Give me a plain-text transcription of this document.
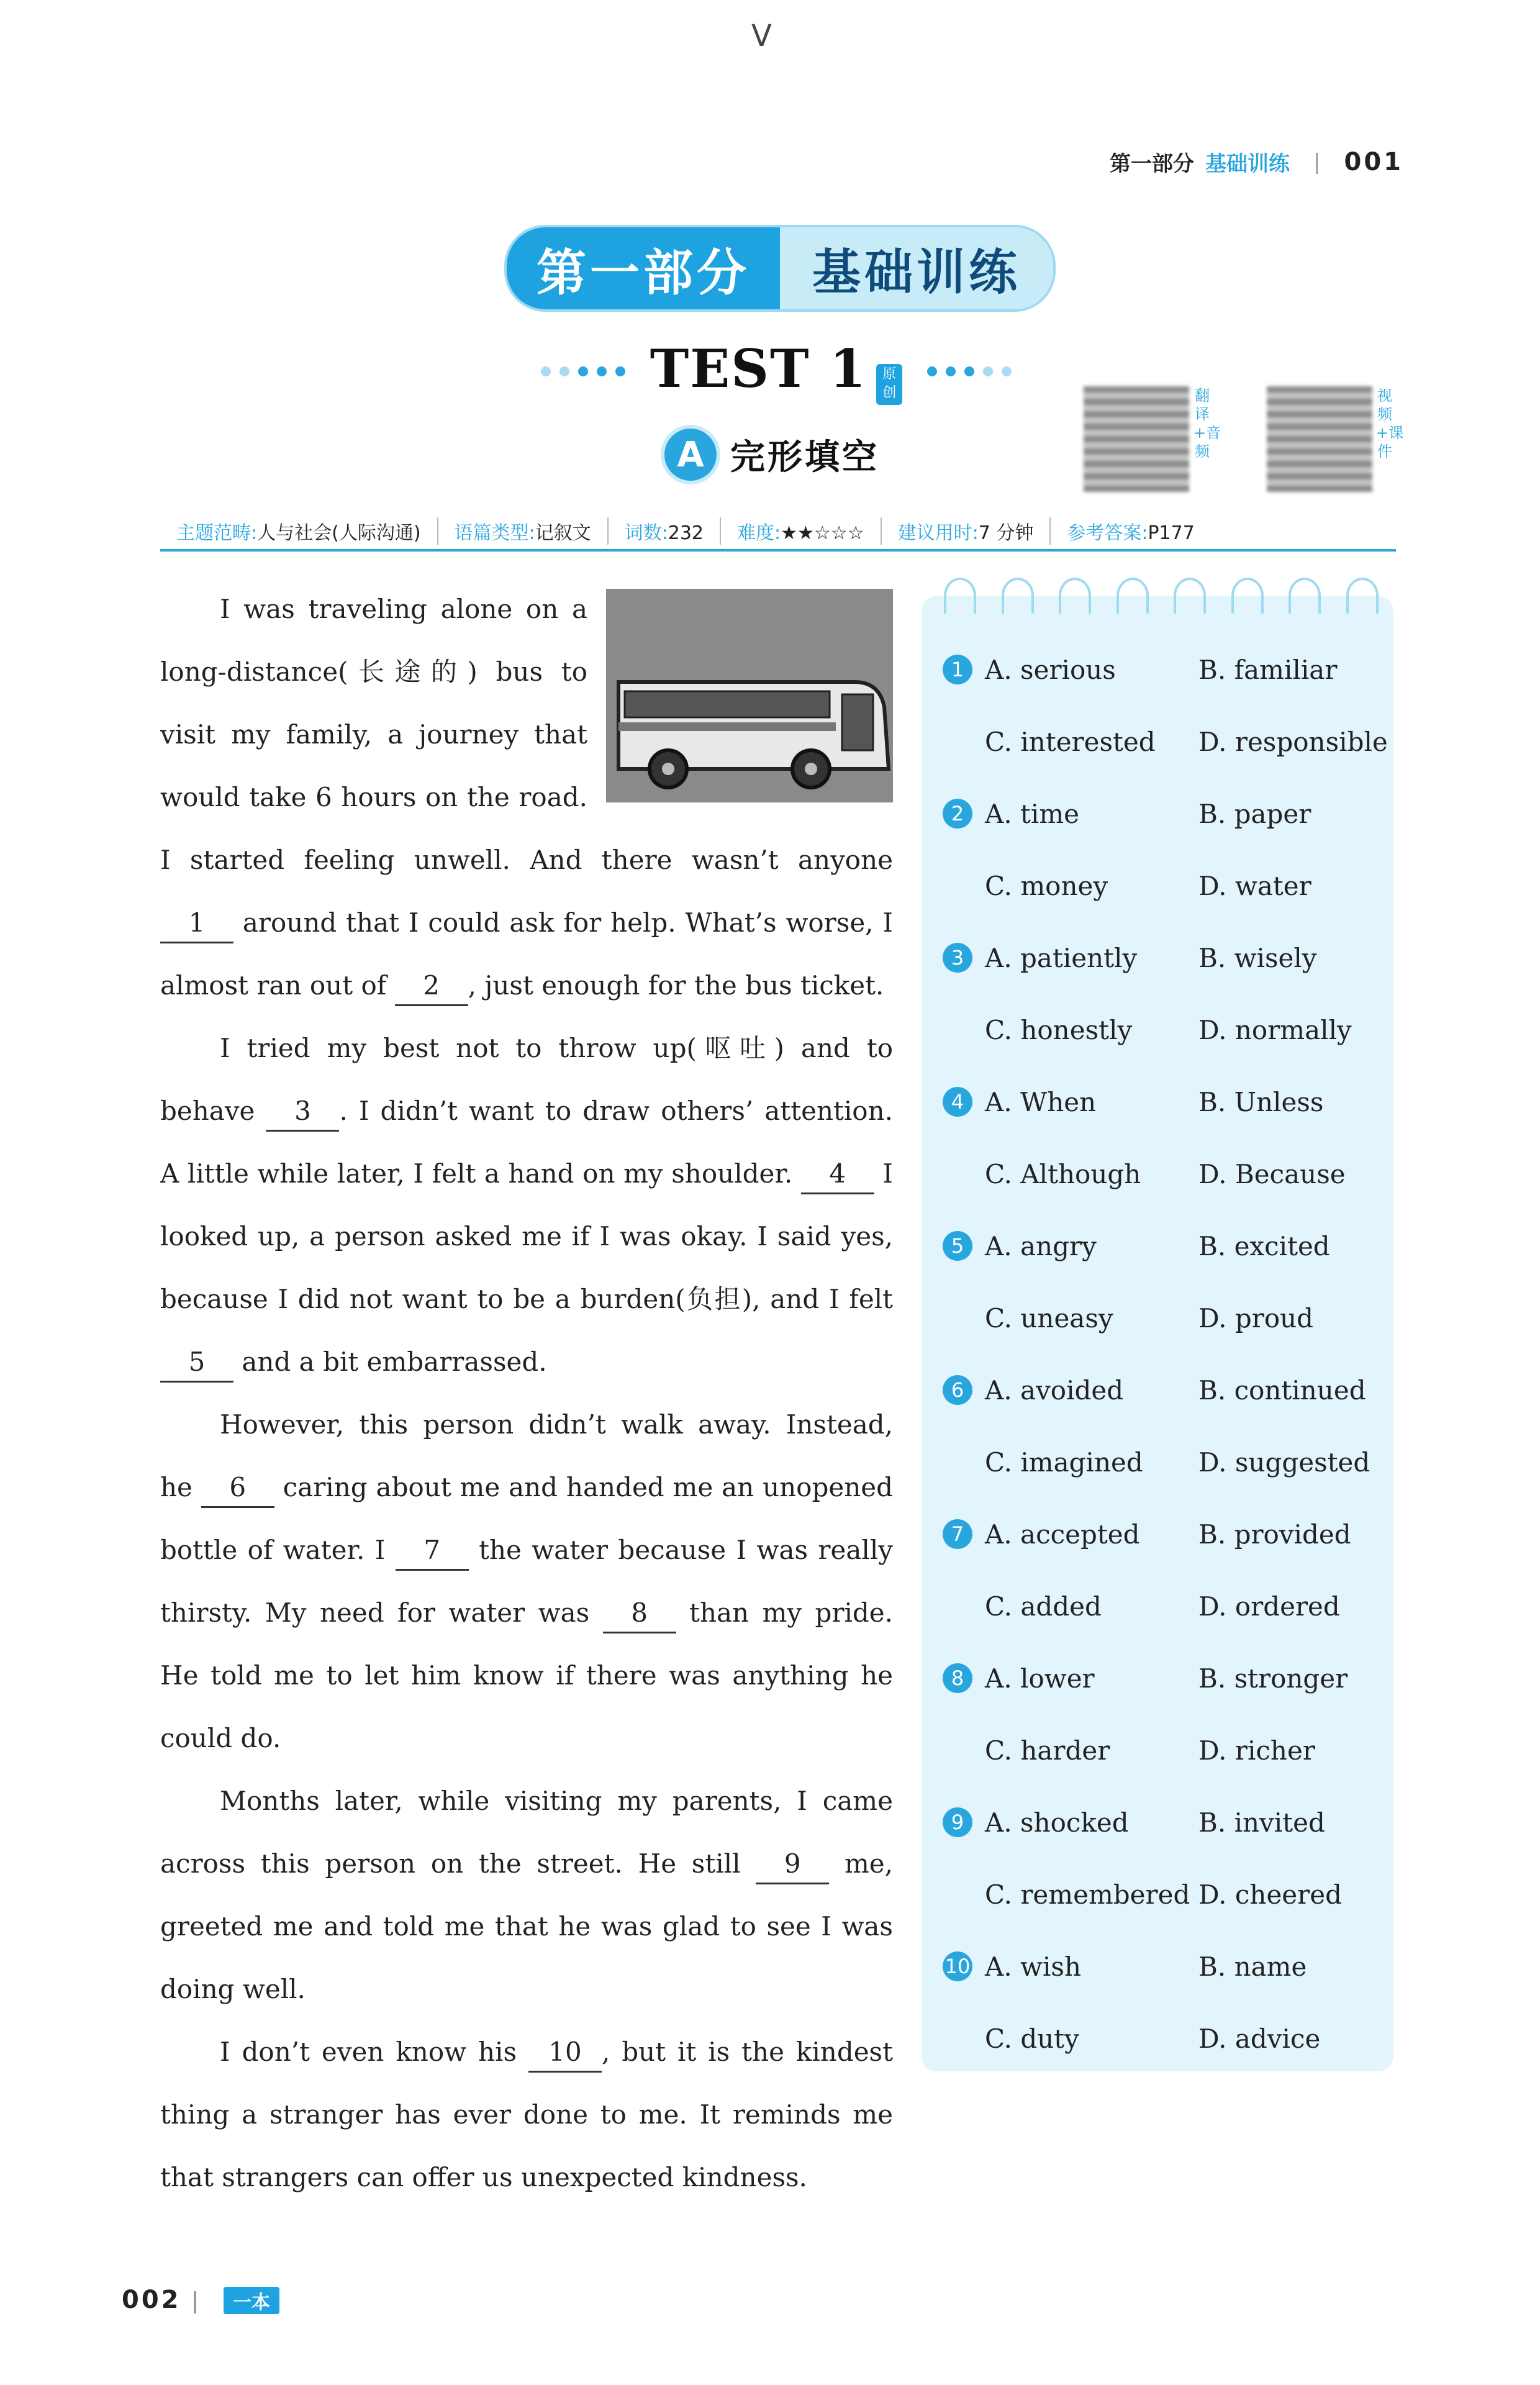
V
第一部分 基础训练 | 001
第一部分	基础训练
TEST 1 原创
A 完形填空
翻译+音频
视频+课件
主题范畴:人与社会(人际沟通)	语篇类型:记叙文	词数:232	难度:★★☆☆☆	建议用时:7 分钟	参考答案:P177

I was traveling alone on a long-distance(长途的) bus to visit my family, a journey that would take 6 hours on the road. I started feeling unwell. And there wasn’t anyone 1 around that I could ask for help. What’s worse, I almost ran out of 2 , just enough for the bus ticket.

I tried my best not to throw up(呕吐) and to behave 3 . I didn’t want to draw others’ attention. A little while later, I felt a hand on my shoulder. 4 I looked up, a person asked me if I was okay. I said yes, because I did not want to be a burden(负担), and I felt 5 and a bit embarrassed.

However, this person didn’t walk away. Instead, he 6 caring about me and handed me an unopened bottle of water. I 7 the water because I was really thirsty. My need for water was 8 than my pride. He told me to let him know if there was anything he could do.

Months later, while visiting my parents, I came across this person on the street. He still 9 me, greeted me and told me that he was glad to see I was doing well.

I don’t even know his 10 , but it is the kindest thing a stranger has ever done to me. It reminds me that strangers can offer us unexpected kindness.

1 A. serious	B. familiar
C. interested D. responsible
2 A. time	B. paper
C. money	D. water
3 A. patiently B. wisely
C. honestly	D. normally
4 A. When	B. Unless
C. Although D. Because
5 A. angry	B. excited
C. uneasy	D. proud
6 A. avoided	B. continued
C. imagined D. suggested
7 A. accepted B. provided
C. added	D. ordered
8 A. lower	B. stronger
C. harder	D. richer
9 A. shocked	B. invited
C. remembered D. cheered
10 A. wish	B. name
C. duty	D. advice
002 |	一本
